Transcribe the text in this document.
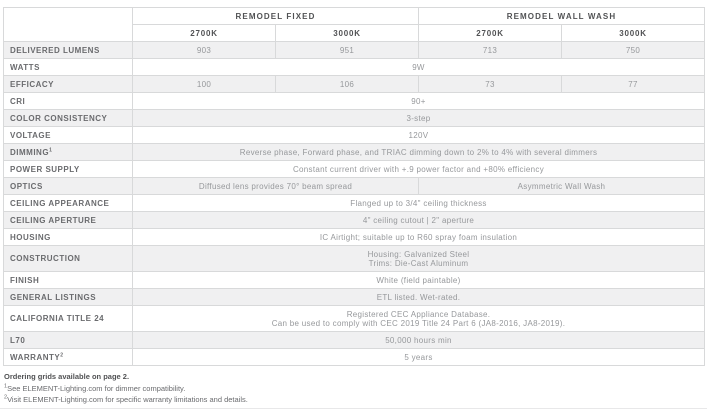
	REMODEL FIXED		REMODEL WALL WASH	
	2700K	3000K	2700K	3000K
DELIVERED LUMENS	903	951	713	750
WATTS	9W			
EFFICACY	100	106	73	77
CRI	90+			
COLOR CONSISTENCY	3-step			
VOLTAGE	120V			
DIMMING$^1$	Reverse phase, Forward phase, and TRIAC dimming down to 2% to 4% with several dimmers			
POWER SUPPLY	Constant current driver with +.9 power factor and +80% efficiency			
OPTICS	Diffused lens provides 70° beam spread		Asymmetric Wall Wash	
CEILING APPEARANCE	Flanged up to 3/4" ceiling thickness			
CEILING APERTURE	4" ceiling cutout | 2" aperture			
HOUSING	IC Airtight; suitable up to R60 spray foam insulation			
CONSTRUCTION	Housing: Galvanized Steel
Trims: Die-Cast Aluminum			

FINISH	White (field paintable)			
GENERAL LISTINGS	ETL listed. Wet-rated.			
CALIFORNIA TITLE 24	Registered CEC Appliance Database.
Can be used to comply with CEC 2019 Title 24 Part 6 (JA8-2016, JA8-2019).			

L70	50,000 hours min			
WARRANTY$^2$	5 years			

Ordering grids available on page 2.

$^1$See ELEMENT-Lighting.com for dimmer compatibility.

$^2$Visit ELEMENT-Lighting.com for specific warranty limitations and details.
